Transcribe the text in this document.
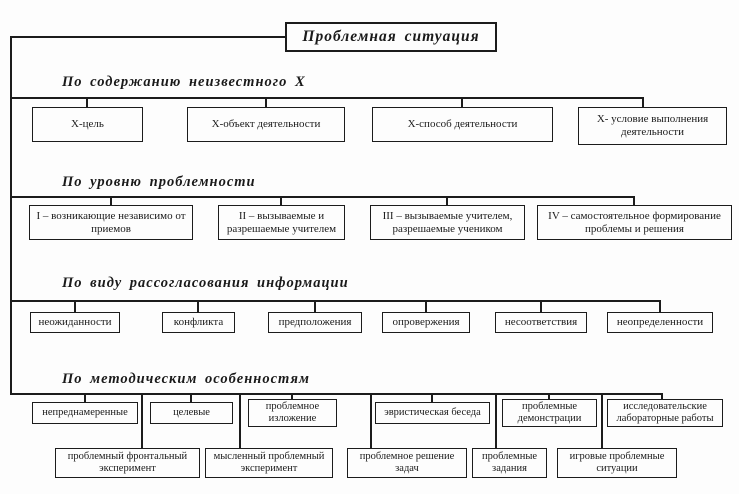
Проблемная ситуация
По содержанию неизвестного Х
Х-цель	Х-объект деятельности	Х-способ деятельности	Х- условие выполнения деятельности
По уровню проблемности
I – возникающие независимо от приемов
II – вызываемые и разрешаемые учителем
III – вызываемые учителем, разрешаемые учеником
IV – самостоятельное формирование проблемы и решения
По виду рассогласования информации
неожиданности	конфликта	предположения	опровержения	несоответствия	неопределенности
По методическим особенностям
непреднамеренные	целевые
проблемное изложение
эвристическая беседа
проблемные демонстрации
исследовательские лабораторные работы
проблемный фронтальный эксперимент
мысленный проблемный эксперимент
проблемное решение задач
проблемные задания
игровые проблемные ситуации
